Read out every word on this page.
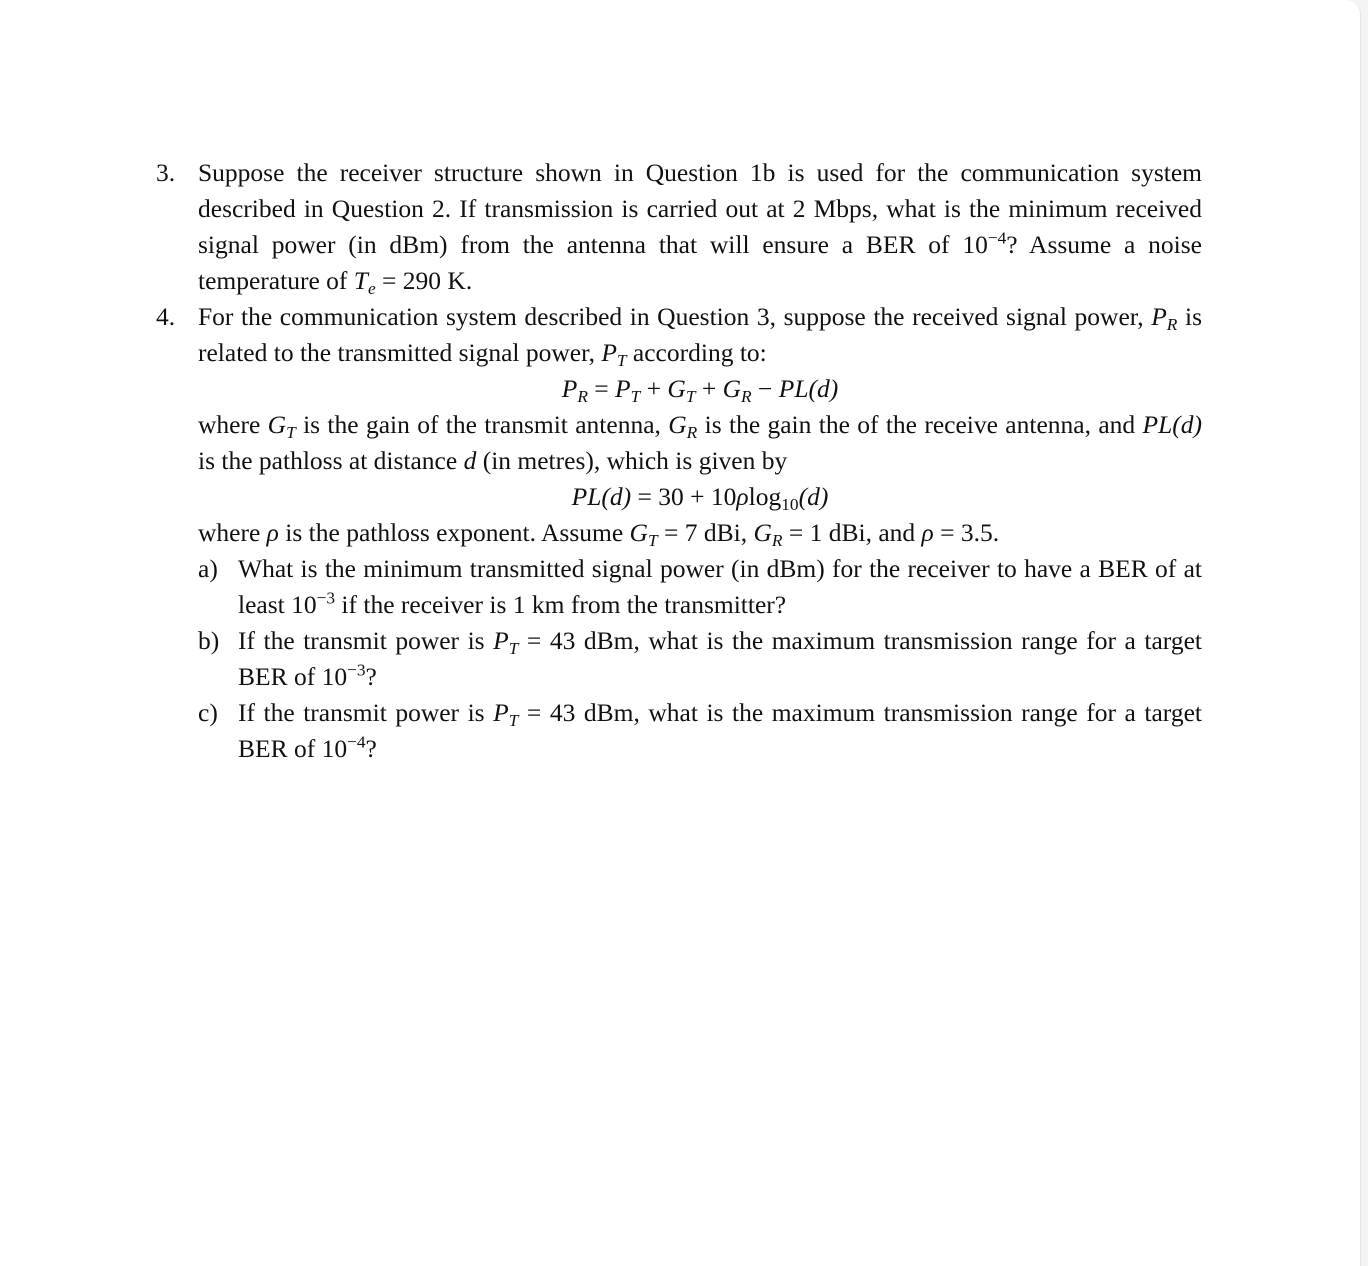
3. Suppose the receiver structure shown in Question 1b is used for the communication system described in Question 2. If transmission is carried out at 2 Mbps, what is the minimum received signal power (in dBm) from the antenna that will ensure a BER of $10^{-4}$? Assume a noise temperature of $T_e = 290$ K.
4. For the communication system described in Question 3, suppose the received signal power, $P_R$ is related to the transmitted signal power, $P_T$ according to:
$P_R = P_T + G_T + G_R - PL(d)$
where $G_T$ is the gain of the transmit antenna, $G_R$ is the gain the of the receive antenna, and PL(d) is the pathloss at distance d (in metres), which is given by
PL(d) = 30 + 10ρlog$_{10}$(d)
where ρ is the pathloss exponent. Assume $G_T = 7$ dBi, $G_R = 1$ dBi, and ρ = 3.5.
a) What is the minimum transmitted signal power (in dBm) for the receiver to have a BER of at least $10^{-3}$ if the receiver is 1 km from the transmitter?
b) If the transmit power is $P_T = 43$ dBm, what is the maximum transmission range for a target BER of $10^{-3}$?
c) If the transmit power is $P_T = 43$ dBm, what is the maximum transmission range for a target BER of $10^{-4}$?
